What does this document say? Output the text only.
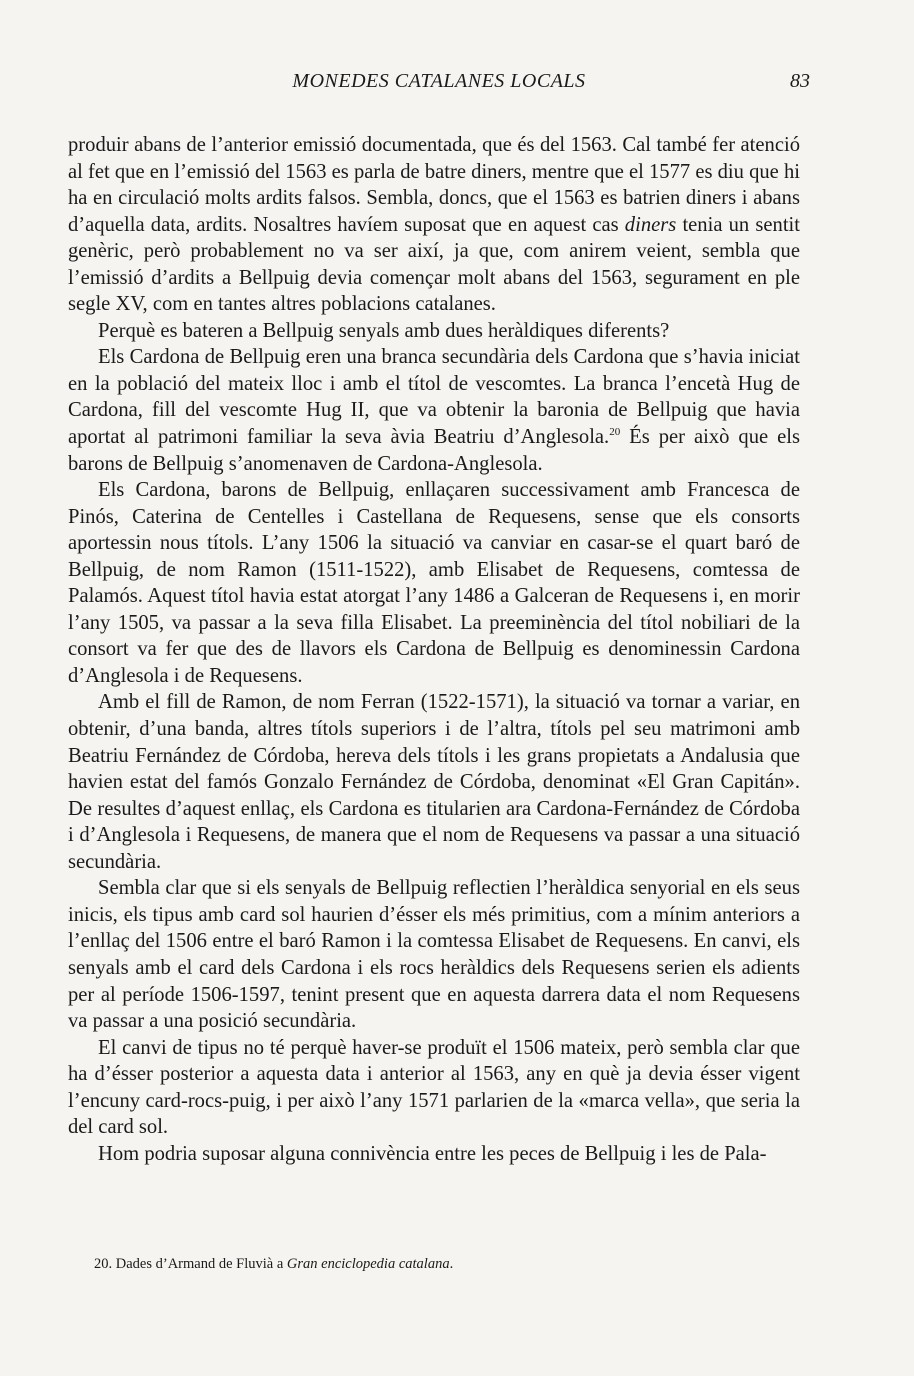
MONEDES CATALANES LOCALS	83

produir abans de l’anterior emissió documentada, que és del 1563. Cal també fer atenció al fet que en l’emissió del 1563 es parla de batre diners, mentre que el 1577 es diu que hi ha en circulació molts ardits falsos. Sembla, doncs, que el 1563 es batrien diners i abans d’aquella data, ardits. Nosaltres havíem suposat que en aquest cas diners tenia un sentit genèric, però probablement no va ser així, ja que, com anirem veient, sembla que l’emissió d’ardits a Bellpuig devia començar molt abans del 1563, segurament en ple segle XV, com en tantes altres poblacions catalanes.

Perquè es bateren a Bellpuig senyals amb dues heràldiques diferents?

Els Cardona de Bellpuig eren una branca secundària dels Cardona que s’havia iniciat en la població del mateix lloc i amb el títol de vescomtes. La branca l’encetà Hug de Cardona, fill del vescomte Hug II, que va obtenir la baronia de Bellpuig que havia aportat al patrimoni familiar la seva àvia Beatriu d’Anglesola.$^{20}$ És per això que els barons de Bellpuig s’anomenaven de Cardona-Anglesola.

Els Cardona, barons de Bellpuig, enllaçaren successivament amb Francesca de Pinós, Caterina de Centelles i Castellana de Requesens, sense que els consorts aportessin nous títols. L’any 1506 la situació va canviar en casar-se el quart baró de Bellpuig, de nom Ramon (1511-1522), amb Elisabet de Requesens, comtessa de Palamós. Aquest títol havia estat atorgat l’any 1486 a Galceran de Requesens i, en morir l’any 1505, va passar a la seva filla Elisabet. La preeminència del títol nobiliari de la consort va fer que des de llavors els Cardona de Bellpuig es denominessin Cardona d’Anglesola i de Requesens.

Amb el fill de Ramon, de nom Ferran (1522-1571), la situació va tornar a variar, en obtenir, d’una banda, altres títols superiors i de l’altra, títols pel seu matrimoni amb Beatriu Fernández de Córdoba, hereva dels títols i les grans propietats a Andalusia que havien estat del famós Gonzalo Fernández de Córdoba, denominat «El Gran Capitán». De resultes d’aquest enllaç, els Cardona es titularien ara Cardona-Fernández de Córdoba i d’Anglesola i Requesens, de manera que el nom de Requesens va passar a una situació secundària.

Sembla clar que si els senyals de Bellpuig reflectien l’heràldica senyorial en els seus inicis, els tipus amb card sol haurien d’ésser els més primitius, com a mínim anteriors a l’enllaç del 1506 entre el baró Ramon i la comtessa Elisabet de Requesens. En canvi, els senyals amb el card dels Cardona i els rocs heràldics dels Requesens serien els adients per al període 1506-1597, tenint present que en aquesta darrera data el nom Requesens va passar a una posició secundària.

El canvi de tipus no té perquè haver-se produït el 1506 mateix, però sembla clar que ha d’ésser posterior a aquesta data i anterior al 1563, any en què ja devia ésser vigent l’encuny card-rocs-puig, i per això l’any 1571 parlarien de la «marca vella», que seria la del card sol.

Hom podria suposar alguna connivència entre les peces de Bellpuig i les de Pala-

20. Dades d’Armand de Fluvià a Gran enciclopedia catalana.
